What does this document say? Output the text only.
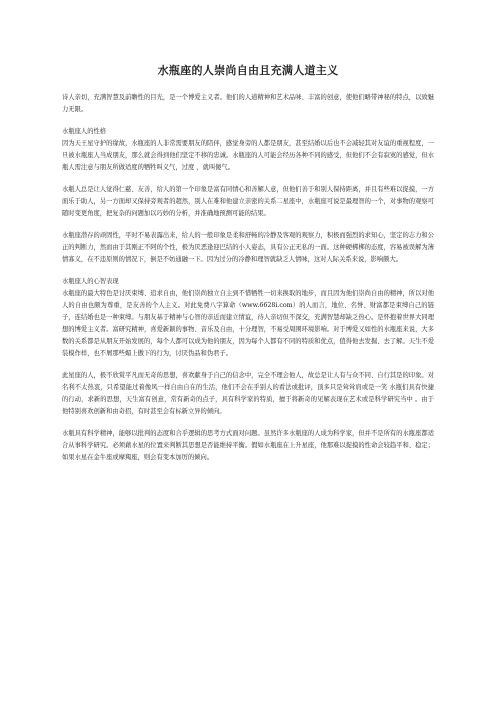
水瓶座的人崇尚自由且充满人道主义

诗人亲切，充满智慧及前瞻性的目光，是一个博爱主义者。他们的人道精神和艺术品味、丰富的创意，使他们略带神秘的特点，以致魅力无限。

水瓶座人的性格

因为天王星守护的缘故，水瓶座的人非常需要朋友的陪伴，感觉身旁的人都是朋友，甚至结婚以后也不会减轻其对友谊的重视程度，一旦被水瓶座人当成朋友，那么就会得到他们坚定不移的忠诚。水瓶座的人可能会经历各种不同的感受，但他们不会有寂寞的感觉，但水瓶人需注意与朋友所做适度的牺牲叫义气，过度 ，就叫傻气。

水瓶人总是让人觉得仁慈、友善，给人的第一个印象是富有同情心和善解人意，但他们善于和别人保持距离，并且有些难以捉摸，一方面乐于助人，另一方面却又保持旁观者的超然，别人在难和他建立亲密的关系二星座中，水瓶座可说是最理智的一个，对事物的观察可随时变更角度，把复杂的问题加以巧妙的分析，并准确地预测可能的结果。

水瓶座潜存的顽固性，平时不易表露出来，给人的一般印象是柔和舒畅的冷静及客观的观察力，积极而强烈的求知心，坚定的志力和公正的判断力，然而由于其刚正不阿的个性，极为厌恶逢迎巴结的小人姿态，具有公正无私的一面。这种硬梆梆的态度，容易被误解为薄情寡义，在不违原则的情况下，倒是不妨通融一下。因为过分的冷静和理智就缺乏人情味，这对人际关系来说，影响颇大。

水瓶座人的心智表现

水瓶座的最大特色是讨厌束缚、追求自由，他们崇尚独立自主到不惜牺牲一切来换取的地步，而且因为他们崇尚自由的精神，所以对他人的自由也颇为尊重，是友善的个人主义。对此免费八字算命（www.6628i.com）的人而言，地位、名誉、财富都是束缚自己的链子，连结婚也是一种束缚。与朋友基于精神与心智的亲近而建立情谊，待人亲切但不深交，充满智慧却缺乏热心。是怀抱着世界大同理想的博爱主义者。富研究精神，喜爱新颖的事物、音乐及自由，十分理智，不易受周围环境影响。对于博爱又如性的水瓶座来说，大多数的关系都是从朋友开始发展的，每个人都可以成为他的朋友，因为每个人都有不同的特质和优点，值得他去发掘、去了解。天生不爱装模作样，也不屑那些媚上傲下的行为，讨厌伪品和伪君子。

此星座的人，极不欣赏平凡而无奇的思想，喜欢献身于自己的信念中，完全不理会他人，故总是让人有与众不同、自行其是的印象。对名利不太热衷，只希望能过着像风一样自由自在的生活，他们不会在乎别人的看法或批评，顶多只是耸耸肩或是一笑 水瓶们具有快捷的行动，求新的思想，天生富有创意，常有新奇的点子，具有科学家的特质，擅于将新奇的见解表现在艺术或是科学研究当中 。由于他特别喜欢创新和由奇招，有时甚至会有标新立异的倾向。

水瓶具有科学精神，能够以批判的态度和合乎逻辑的思考方式面对问题。虽然许多水瓶座的人成为科学家，但并不是所有的水瓶座都适合从事科学研究。必须藉水星的位置来判断其思想是否能维持平衡。假如水瓶座在上升星座，他那难以捉摸的性命会较趋平和、稳定；如果水星在金牛座或摩羯座，则会有变本加厉的倾向。
